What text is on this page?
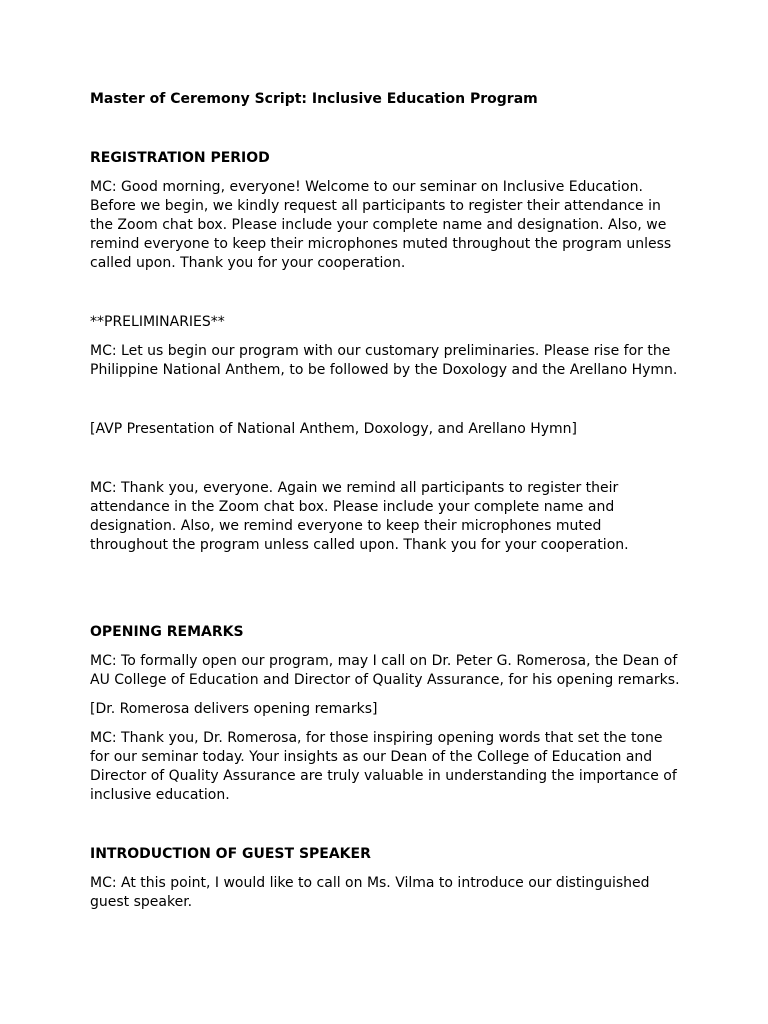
Master of Ceremony Script: Inclusive Education Program

REGISTRATION PERIOD

MC: Good morning, everyone! Welcome to our seminar on Inclusive Education. Before we begin, we kindly request all participants to register their attendance in the Zoom chat box. Please include your complete name and designation. Also, we remind everyone to keep their microphones muted throughout the program unless called upon. Thank you for your cooperation.

**PRELIMINARIES**

MC: Let us begin our program with our customary preliminaries. Please rise for the Philippine National Anthem, to be followed by the Doxology and the Arellano Hymn.

[AVP Presentation of National Anthem, Doxology, and Arellano Hymn]

MC: Thank you, everyone. Again we remind all participants to register their attendance in the Zoom chat box. Please include your complete name and designation. Also, we remind everyone to keep their microphones muted throughout the program unless called upon. Thank you for your cooperation.

OPENING REMARKS

MC: To formally open our program, may I call on Dr. Peter G. Romerosa, the Dean of AU College of Education and Director of Quality Assurance, for his opening remarks.

[Dr. Romerosa delivers opening remarks]

MC: Thank you, Dr. Romerosa, for those inspiring opening words that set the tone for our seminar today. Your insights as our Dean of the College of Education and Director of Quality Assurance are truly valuable in understanding the importance of inclusive education.

INTRODUCTION OF GUEST SPEAKER

MC: At this point, I would like to call on Ms. Vilma to introduce our distinguished guest speaker.
